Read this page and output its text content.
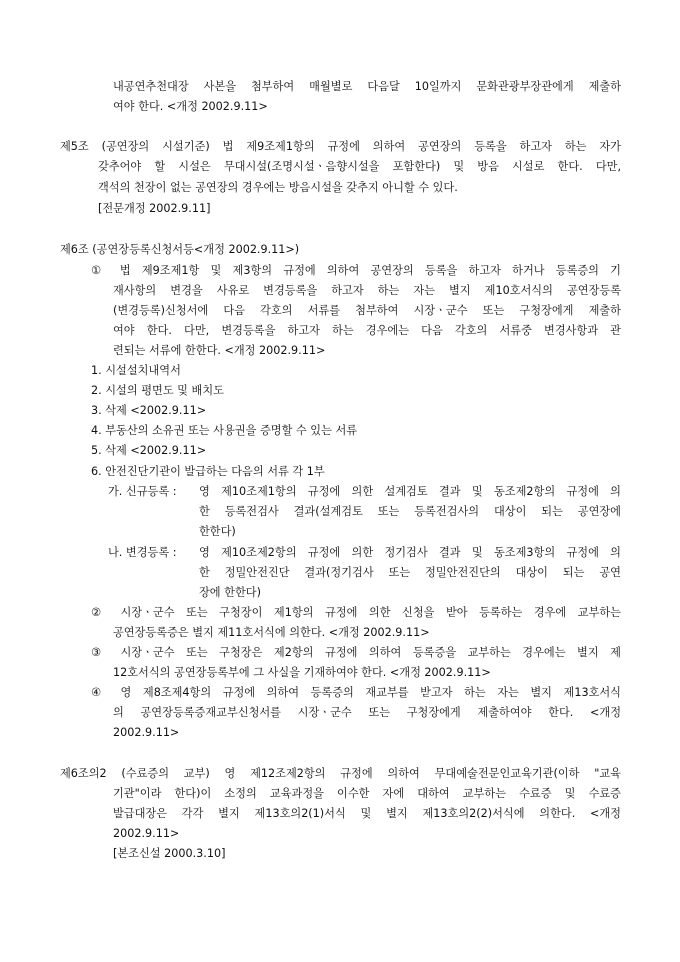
내공연추천대장 사본을 첨부하여 매월별로 다음달 10일까지 문화관광부장관에게 제출하
여야 한다. <개정 2002.9.11>
제5조 (공연장의 시설기준) 법 제9조제1항의 규정에 의하여 공연장의 등록을 하고자 하는 자가
갖추어야 할 시설은 무대시설(조명시설ㆍ음향시설을 포함한다) 및 방음 시설로 한다. 다만,
객석의 천장이 없는 공연장의 경우에는 방음시설을 갖추지 아니할 수 있다.
[전문개정 2002.9.11]
제6조 (공연장등록신청서등<개정 2002.9.11>)
① 법 제9조제1항 및 제3항의 규정에 의하여 공연장의 등록을 하고자 하거나 등록증의 기
재사항의 변경을 사유로 변경등록을 하고자 하는 자는 별지 제10호서식의 공연장등록
(변경등록)신청서에 다음 각호의 서류를 첨부하여 시장ㆍ군수 또는 구청장에게 제출하
여야 한다. 다만, 변경등록을 하고자 하는 경우에는 다음 각호의 서류중 변경사항과 관
련되는 서류에 한한다. <개정 2002.9.11>
1. 시설설치내역서
2. 시설의 평면도 및 배치도
3. 삭제 <2002.9.11>
4. 부동산의 소유권 또는 사용권을 증명할 수 있는 서류
5. 삭제 <2002.9.11>
6. 안전진단기관이 발급하는 다음의 서류 각 1부
가. 신규등록 : 영 제10조제1항의 규정에 의한 설계검토 결과 및 동조제2항의 규정에 의
한 등록전검사 결과(설계검토 또는 등록전검사의 대상이 되는 공연장에
한한다)
나. 변경등록 : 영 제10조제2항의 규정에 의한 정기검사 결과 및 동조제3항의 규정에 의
한 정밀안전진단 결과(정기검사 또는 정밀안전진단의 대상이 되는 공연
장에 한한다)
② 시장ㆍ군수 또는 구청장이 제1항의 규정에 의한 신청을 받아 등록하는 경우에 교부하는
공연장등록증은 별지 제11호서식에 의한다. <개정 2002.9.11>
③ 시장ㆍ군수 또는 구청장은 제2항의 규정에 의하여 등록증을 교부하는 경우에는 별지 제
12호서식의 공연장등록부에 그 사실을 기재하여야 한다. <개정 2002.9.11>
④ 영 제8조제4항의 규정에 의하여 등록증의 재교부를 받고자 하는 자는 별지 제13호서식
의 공연장등록증재교부신청서를 시장ㆍ군수 또는 구청장에게 제출하여야 한다. <개정
2002.9.11>
제6조의2 (수료증의 교부) 영 제12조제2항의 규정에 의하여 무대예술전문인교육기관(이하 "교육
기관"이라 한다)이 소정의 교육과정을 이수한 자에 대하여 교부하는 수료증 및 수료증
발급대장은 각각 별지 제13호의2(1)서식 및 별지 제13호의2(2)서식에 의한다. <개정
2002.9.11>
[본조신설 2000.3.10]
